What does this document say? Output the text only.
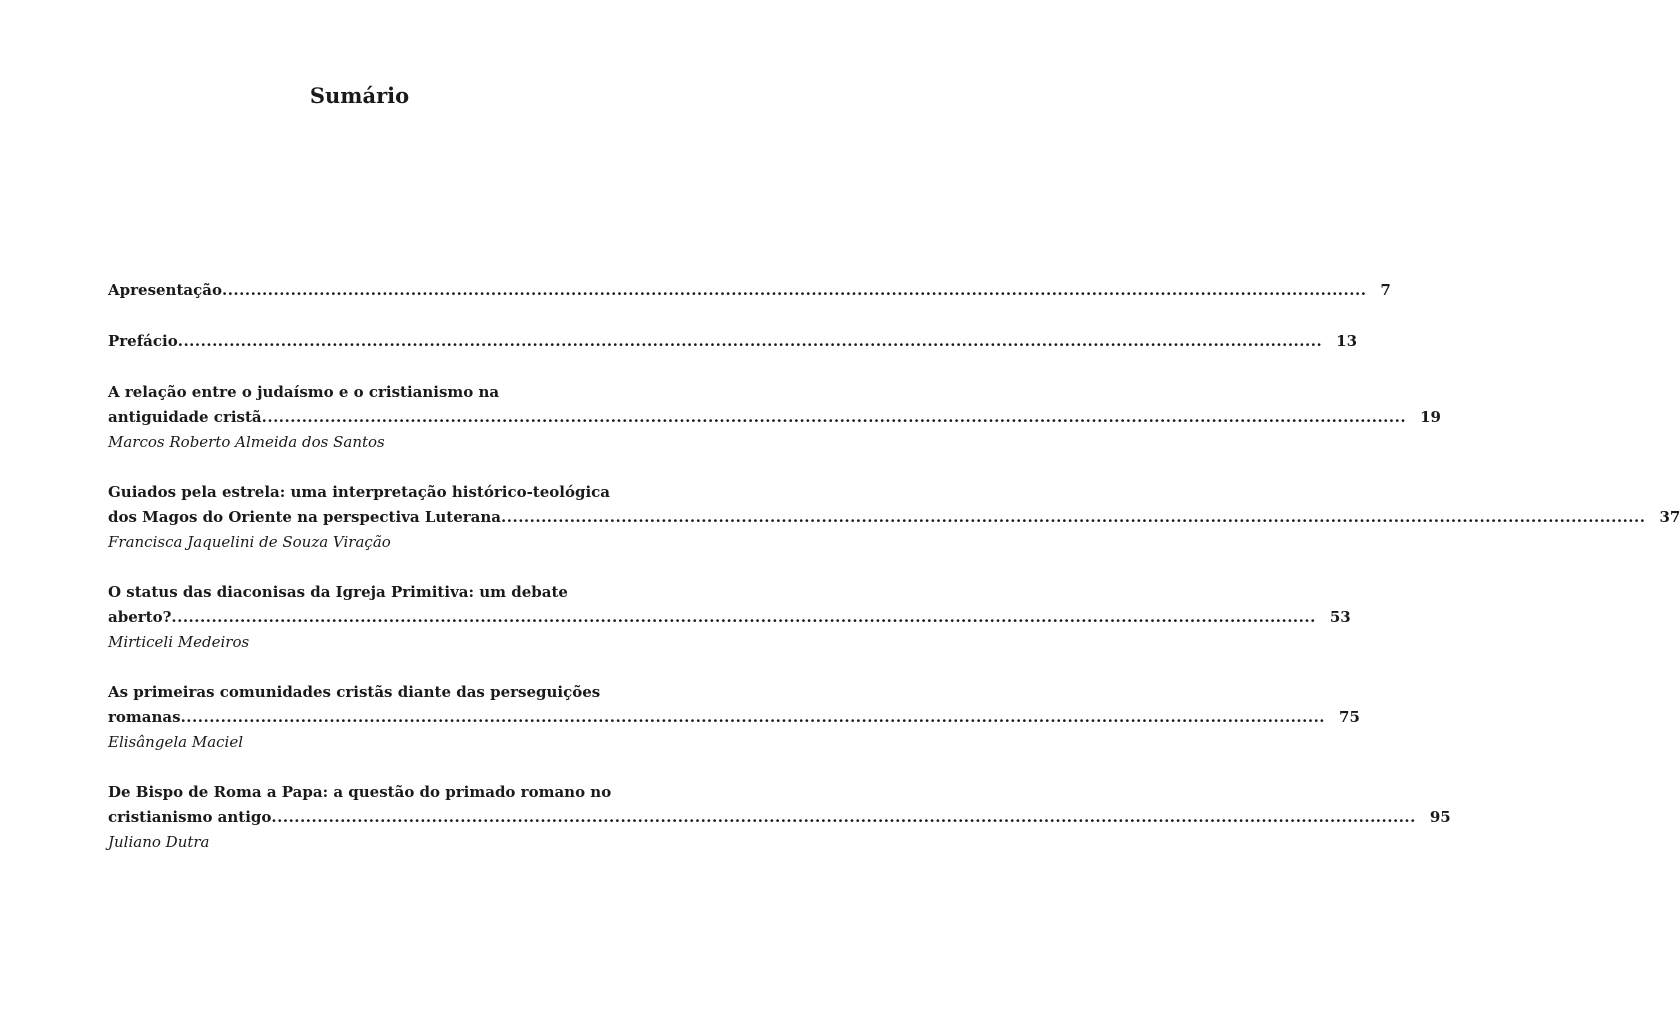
Sumário
Apresentação ........................................................................................................................................................................................................ 7
Prefácio ........................................................................................................................................................................................................ 13
A relação entre o judaísmo e o cristianismo na
antiguidade cristã ........................................................................................................................................................................................................ 19
Marcos Roberto Almeida dos Santos
Guiados pela estrela: uma interpretação histórico-teológica
dos Magos do Oriente na perspectiva Luterana ........................................................................................................................................................................................................ 37
Francisca Jaquelini de Souza Viração
O status das diaconisas da Igreja Primitiva: um debate
aberto? ........................................................................................................................................................................................................ 53
Mirticeli Medeiros
As primeiras comunidades cristãs diante das perseguições
romanas ........................................................................................................................................................................................................ 75
Elisângela Maciel
De Bispo de Roma a Papa: a questão do primado romano no
cristianismo antigo ........................................................................................................................................................................................................ 95
Juliano Dutra
